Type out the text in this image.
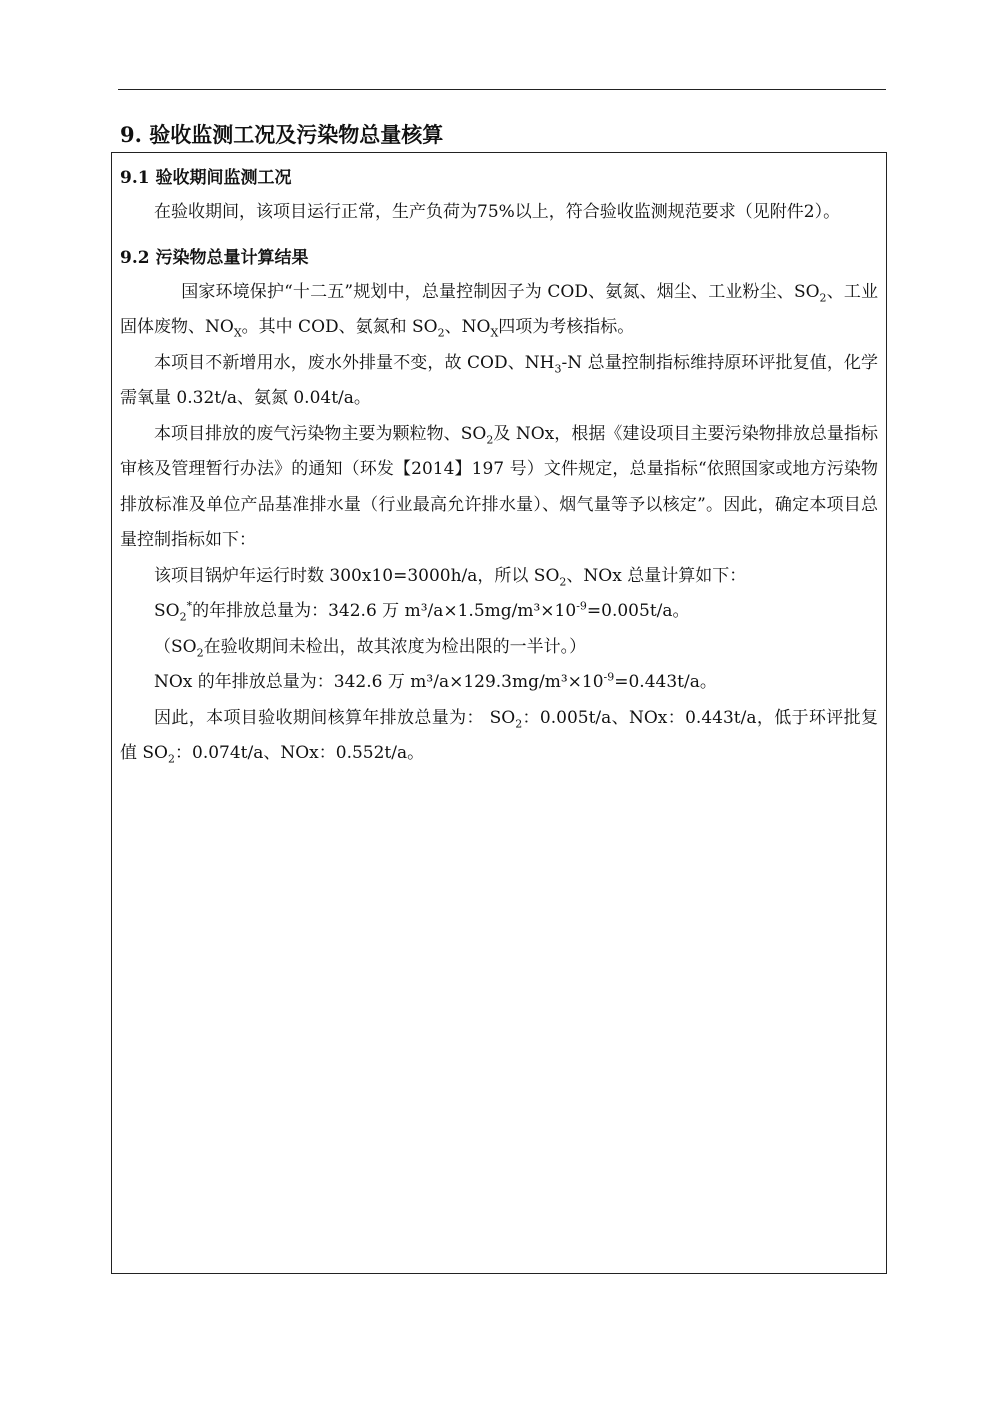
9. 验收监测工况及污染物总量核算
9.1 验收期间监测工况

在验收期间，该项目运行正常，生产负荷为75%以上，符合验收监测规范要求（见附件2）。

9.2 污染物总量计算结果

国家环境保护“十二五”规划中，总量控制因子为 COD、氨氮、烟尘、工业粉尘、$SO_2$、工业固体废物、$NO_X$。其中 COD、氨氮和 $SO_2$、$NO_X$四项为考核指标。

本项目不新增用水，废水外排量不变，故 COD、$NH_3-N$ 总量控制指标维持原环评批复值，化学需氧量 0.32t/a、氨氮 0.04t/a。

本项目排放的废气污染物主要为颗粒物、$SO_2$及 NOx，根据《建设项目主要污染物排放总量指标审核及管理暂行办法》的通知（环发【2014】197 号）文件规定，总量指标“依照国家或地方污染物排放标准及单位产品基准排水量（行业最高允许排水量）、烟气量等予以核定”。因此，确定本项目总量控制指标如下：

该项目锅炉年运行时数 300x10=3000h/a，所以 $SO_2$、NOx 总量计算如下：

$SO_2^*$的年排放总量为：342.6 万 $m^3/a\times 1.5mg/m^3\times 10^{-9}=0.005t/a$。

（$SO_2$在验收期间未检出，故其浓度为检出限的一半计。）

NOx 的年排放总量为：342.6 万 $m^3/a\times 129.3mg/m^3\times 10^{-9}=0.443t/a$。

因此，本项目验收期间核算年排放总量为： $SO_2$：0.005t/a、NOx：0.443t/a，低于环评批复值 $SO_2$：0.074t/a、NOx：0.552t/a。
